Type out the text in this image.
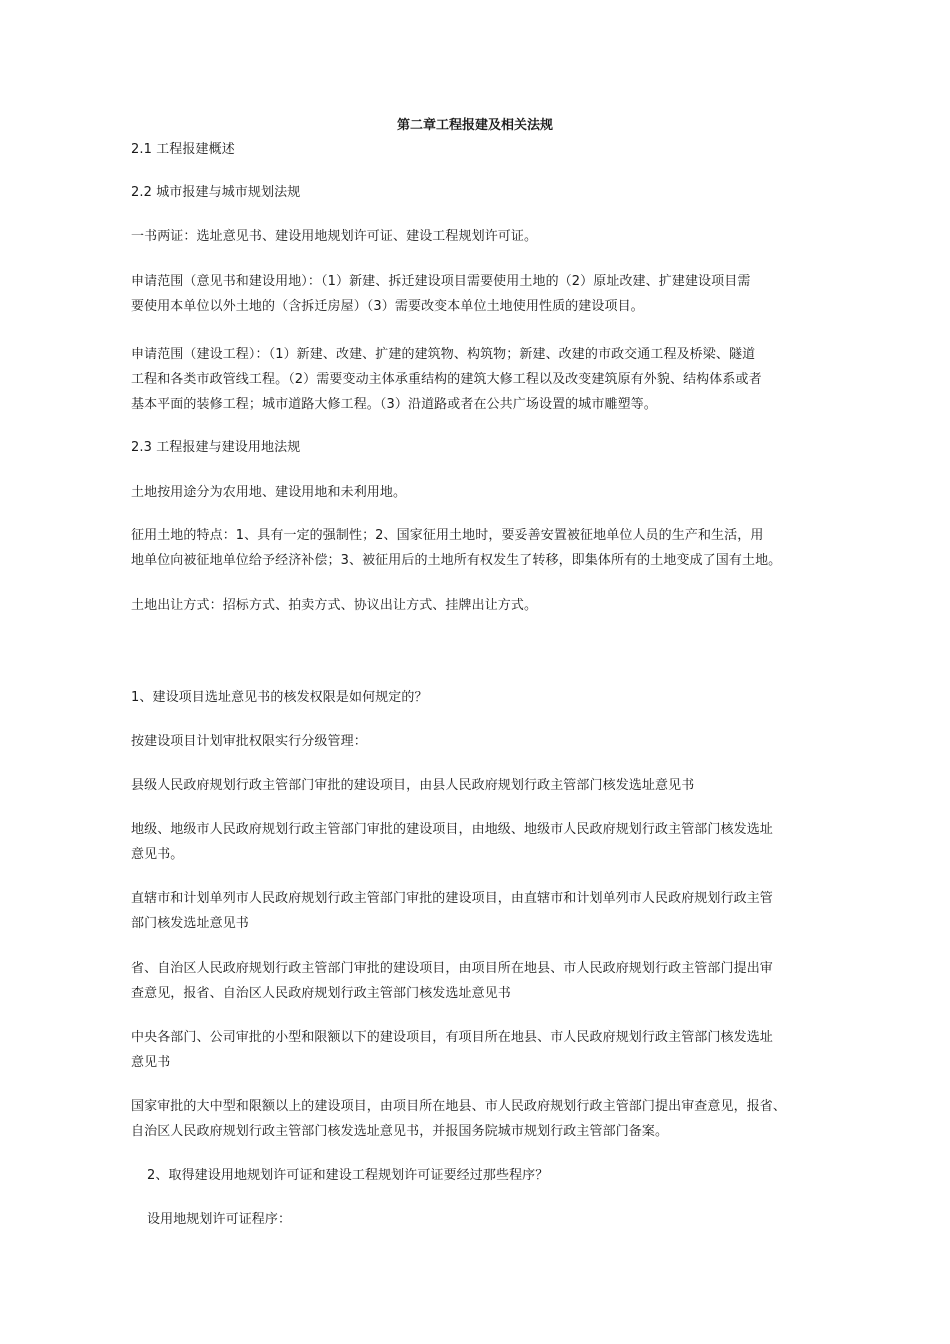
第二章工程报建及相关法规
2.1 工程报建概述
2.2 城市报建与城市规划法规
一书两证：选址意见书、建设用地规划许可证、建设工程规划许可证。
申请范围（意见书和建设用地）：（1）新建、拆迁建设项目需要使用土地的（2）原址改建、扩建建设项目需
要使用本单位以外土地的（含拆迁房屋）（3）需要改变本单位土地使用性质的建设项目。
申请范围（建设工程）：（1）新建、改建、扩建的建筑物、构筑物；新建、改建的市政交通工程及桥梁、隧道
工程和各类市政管线工程。（2）需要变动主体承重结构的建筑大修工程以及改变建筑原有外貌、结构体系或者
基本平面的装修工程；城市道路大修工程。（3）沿道路或者在公共广场设置的城市雕塑等。
2.3 工程报建与建设用地法规
土地按用途分为农用地、建设用地和未利用地。
征用土地的特点：1、具有一定的强制性；2、国家征用土地时，要妥善安置被征地单位人员的生产和生活，用
地单位向被征地单位给予经济补偿；3、被征用后的土地所有权发生了转移，即集体所有的土地变成了国有土地。
土地出让方式：招标方式、拍卖方式、协议出让方式、挂牌出让方式。
1、建设项目选址意见书的核发权限是如何规定的？
按建设项目计划审批权限实行分级管理：
县级人民政府规划行政主管部门审批的建设项目，由县人民政府规划行政主管部门核发选址意见书
地级、地级市人民政府规划行政主管部门审批的建设项目，由地级、地级市人民政府规划行政主管部门核发选址
意见书。
直辖市和计划单列市人民政府规划行政主管部门审批的建设项目，由直辖市和计划单列市人民政府规划行政主管
部门核发选址意见书
省、自治区人民政府规划行政主管部门审批的建设项目，由项目所在地县、市人民政府规划行政主管部门提出审
查意见，报省、自治区人民政府规划行政主管部门核发选址意见书
中央各部门、公司审批的小型和限额以下的建设项目，有项目所在地县、市人民政府规划行政主管部门核发选址
意见书
国家审批的大中型和限额以上的建设项目，由项目所在地县、市人民政府规划行政主管部门提出审查意见，报省、
自治区人民政府规划行政主管部门核发选址意见书，并报国务院城市规划行政主管部门备案。
2、取得建设用地规划许可证和建设工程规划许可证要经过那些程序？
设用地规划许可证程序：
